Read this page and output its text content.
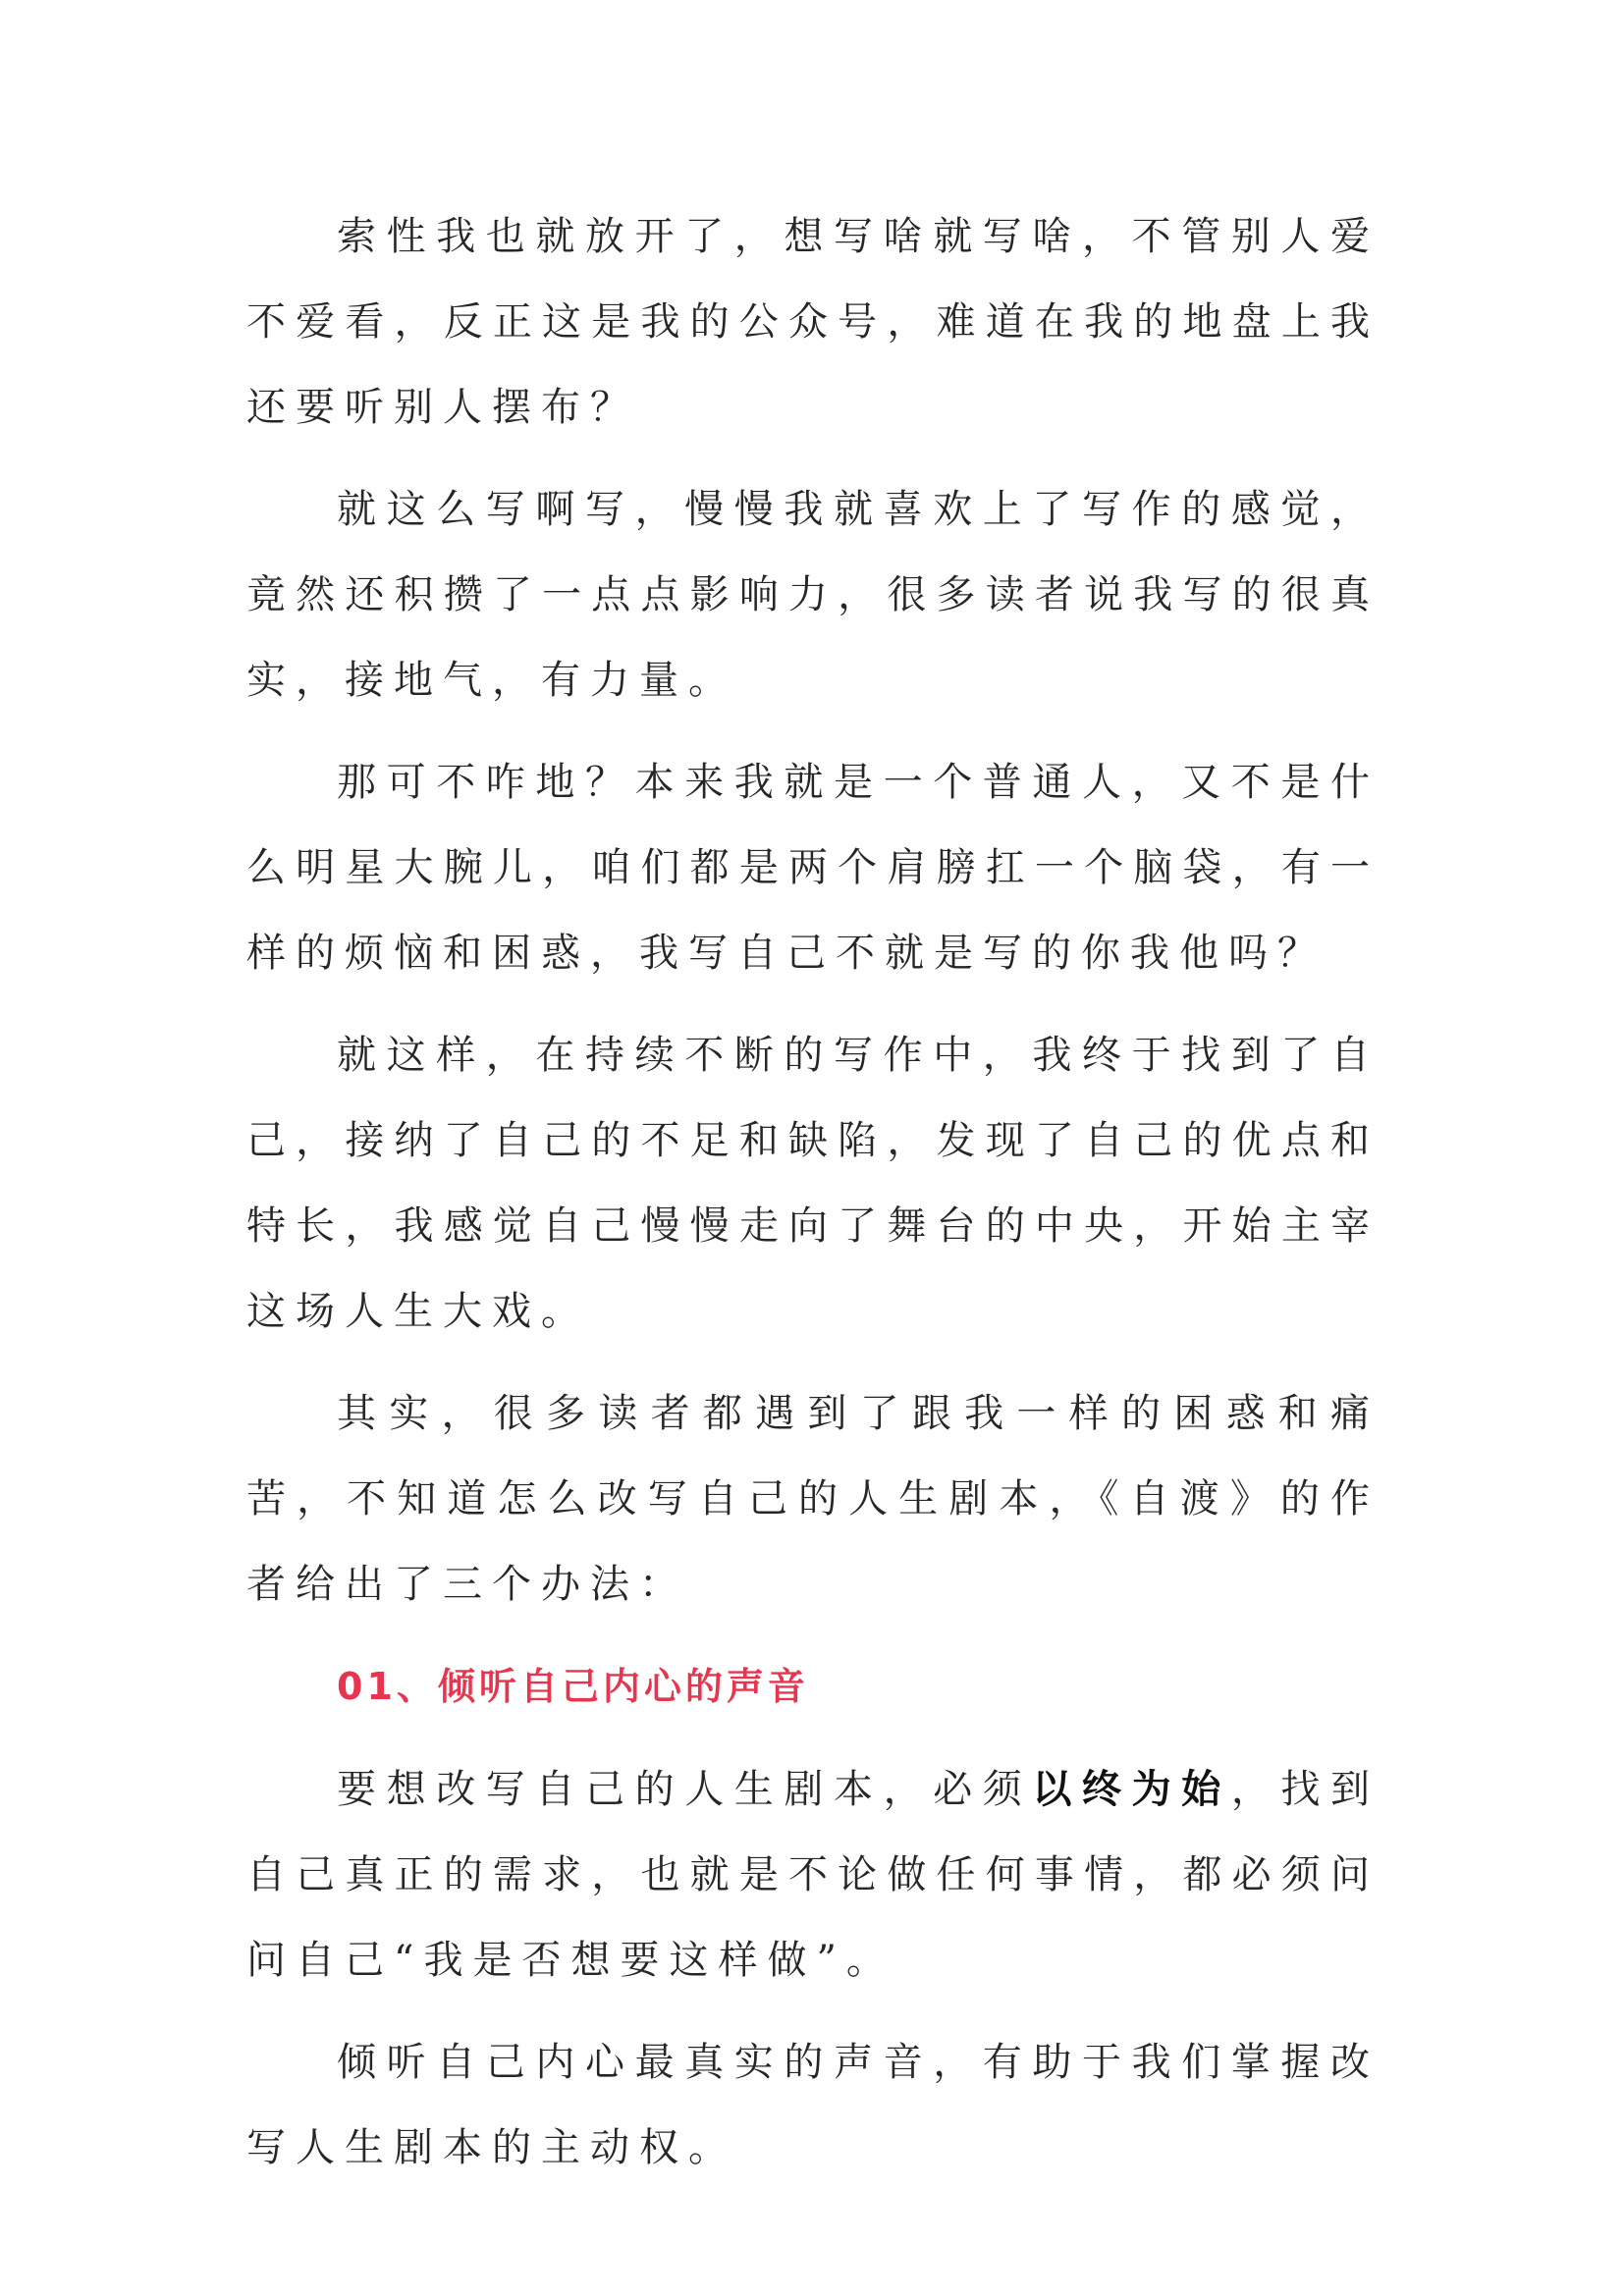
索性我也就放开了，想写啥就写啥，不管别人爱不爱看，反正这是我的公众号，难道在我的地盘上我还要听别人摆布？

就这么写啊写，慢慢我就喜欢上了写作的感觉，竟然还积攒了一点点影响力，很多读者说我写的很真实，接地气，有力量。

那可不咋地？本来我就是一个普通人，又不是什么明星大腕儿，咱们都是两个肩膀扛一个脑袋，有一样的烦恼和困惑，我写自己不就是写的你我他吗？

就这样，在持续不断的写作中，我终于找到了自己，接纳了自己的不足和缺陷，发现了自己的优点和特长，我感觉自己慢慢走向了舞台的中央，开始主宰这场人生大戏。

其实，很多读者都遇到了跟我一样的困惑和痛苦，不知道怎么改写自己的人生剧本，《自渡》的作者给出了三个办法：

01、倾听自己内心的声音

要想改写自己的人生剧本，必须以终为始，找到自己真正的需求，也就是不论做任何事情，都必须问问自己“我是否想要这样做”。

倾听自己内心最真实的声音，有助于我们掌握改写人生剧本的主动权。
